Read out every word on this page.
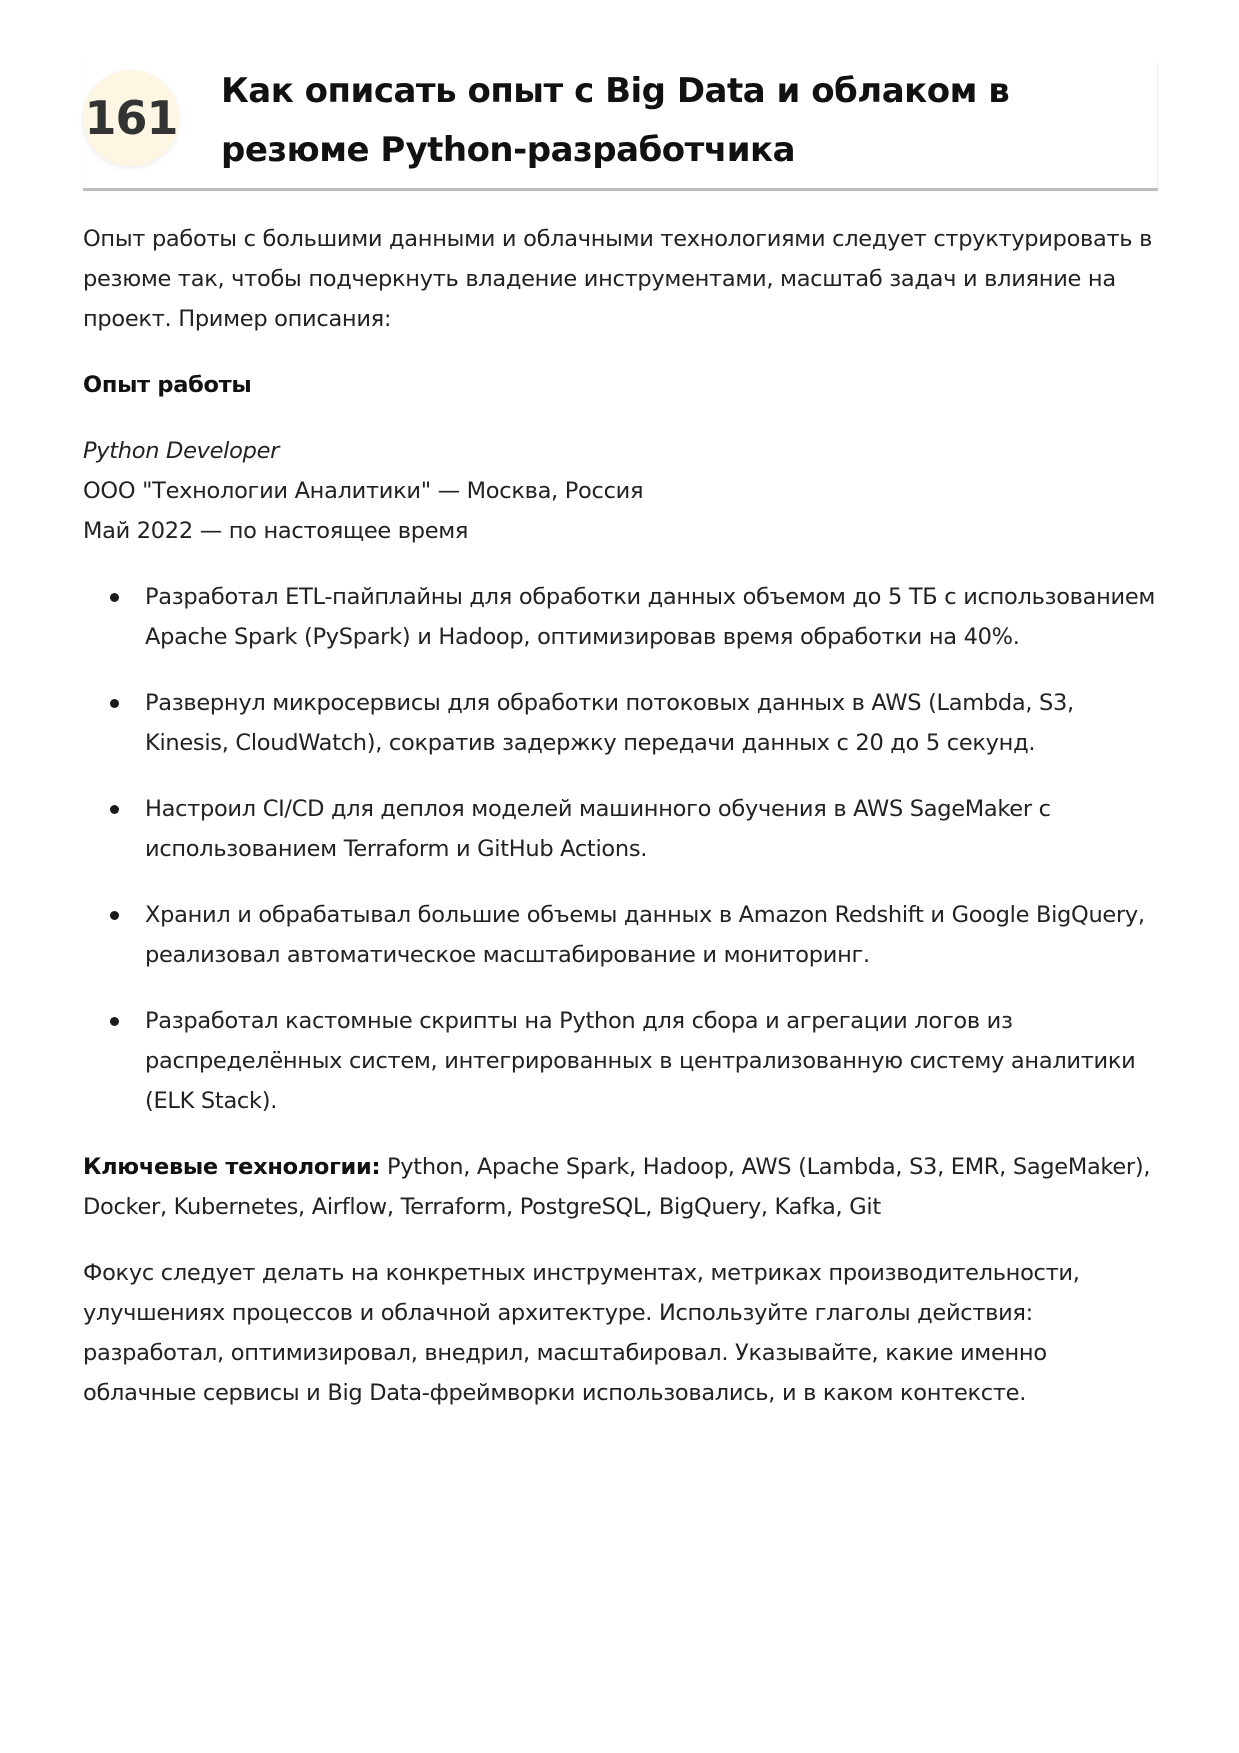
161 Как описать опыт с Big Data и облаком в резюме Python-разработчика

Опыт работы с большими данными и облачными технологиями следует структурировать в резюме так, чтобы подчеркнуть владение инструментами, масштаб задач и влияние на проект. Пример описания:

Опыт работы

Python Developer

ООО "Технологии Аналитики" — Москва, Россия

Май 2022 — по настоящее время

Разработал ETL-пайплайны для обработки данных объемом до 5 ТБ с использованием Apache Spark (PySpark) и Hadoop, оптимизировав время обработки на 40%.
Развернул микросервисы для обработки потоковых данных в AWS (Lambda, S3, Kinesis, CloudWatch), сократив задержку передачи данных с 20 до 5 секунд.
Настроил CI/CD для деплоя моделей машинного обучения в AWS SageMaker с использованием Terraform и GitHub Actions.
Хранил и обрабатывал большие объемы данных в Amazon Redshift и Google BigQuery, реализовал автоматическое масштабирование и мониторинг.
Разработал кастомные скрипты на Python для сбора и агрегации логов из распределённых систем, интегрированных в централизованную систему аналитики (ELK Stack).

Ключевые технологии: Python, Apache Spark, Hadoop, AWS (Lambda, S3, EMR, SageMaker), Docker, Kubernetes, Airflow, Terraform, PostgreSQL, BigQuery, Kafka, Git

Фокус следует делать на конкретных инструментах, метриках производительности, улучшениях процессов и облачной архитектуре. Используйте глаголы действия: разработал, оптимизировал, внедрил, масштабировал. Указывайте, какие именно облачные сервисы и Big Data-фреймворки использовались, и в каком контексте.
